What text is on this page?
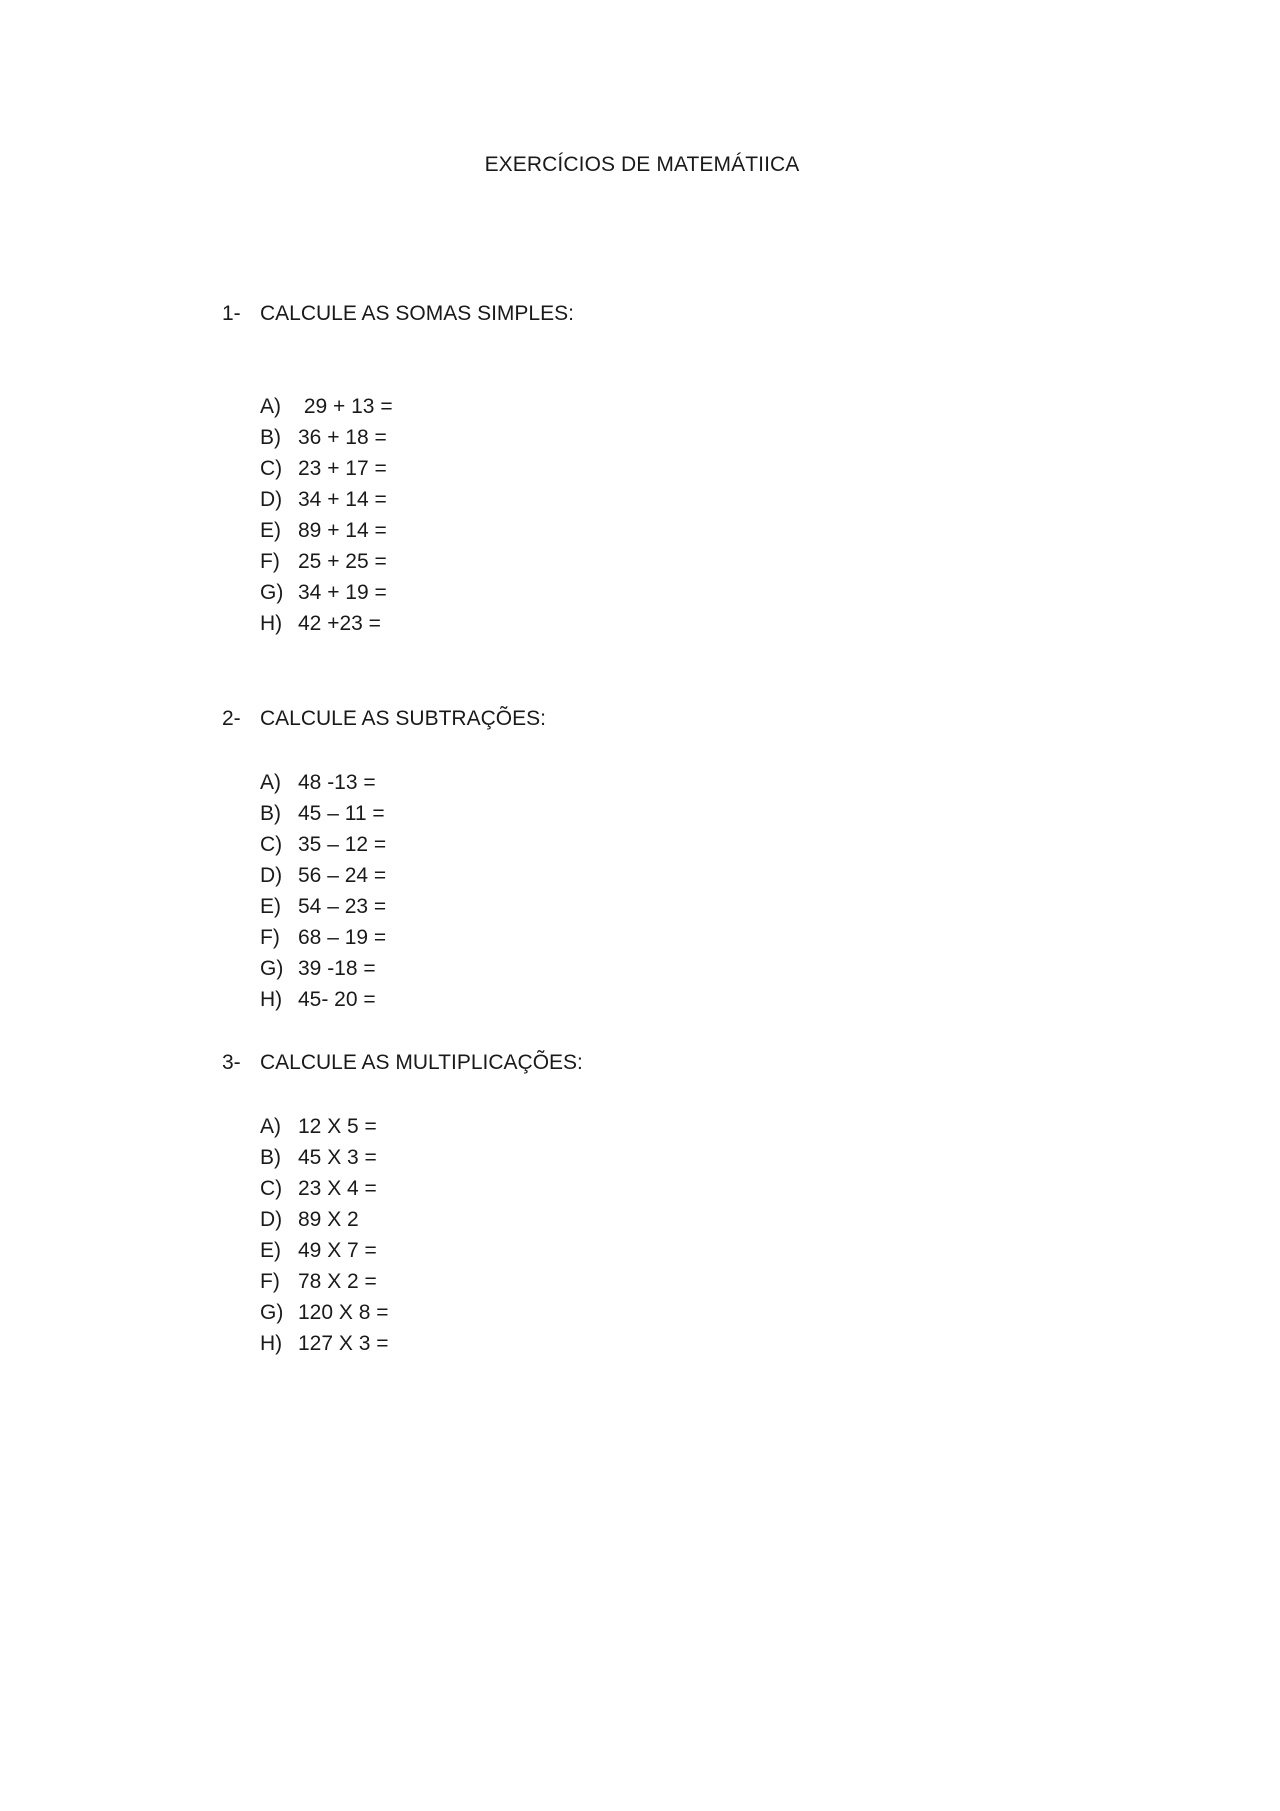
EXERCÍCIOS DE MATEMÁTIICA
1- CALCULE AS SOMAS SIMPLES:
A) 29 + 13 =
B) 36 + 18 =
C) 23 + 17 =
D) 34 + 14 =
E) 89 + 14 =
F) 25 + 25 =
G) 34 + 19 =
H) 42 +23 =
2- CALCULE AS SUBTRAÇÕES:
A) 48 -13 =
B) 45 – 11 =
C) 35 – 12 =
D) 56 – 24 =
E) 54 – 23 =
F) 68 – 19 =
G) 39 -18 =
H) 45- 20 =
3- CALCULE AS MULTIPLICAÇÕES:
A) 12 X 5 =
B) 45 X 3 =
C) 23 X 4 =
D) 89 X 2
E) 49 X 7 =
F) 78 X 2 =
G) 120 X 8 =
H) 127 X 3 =
